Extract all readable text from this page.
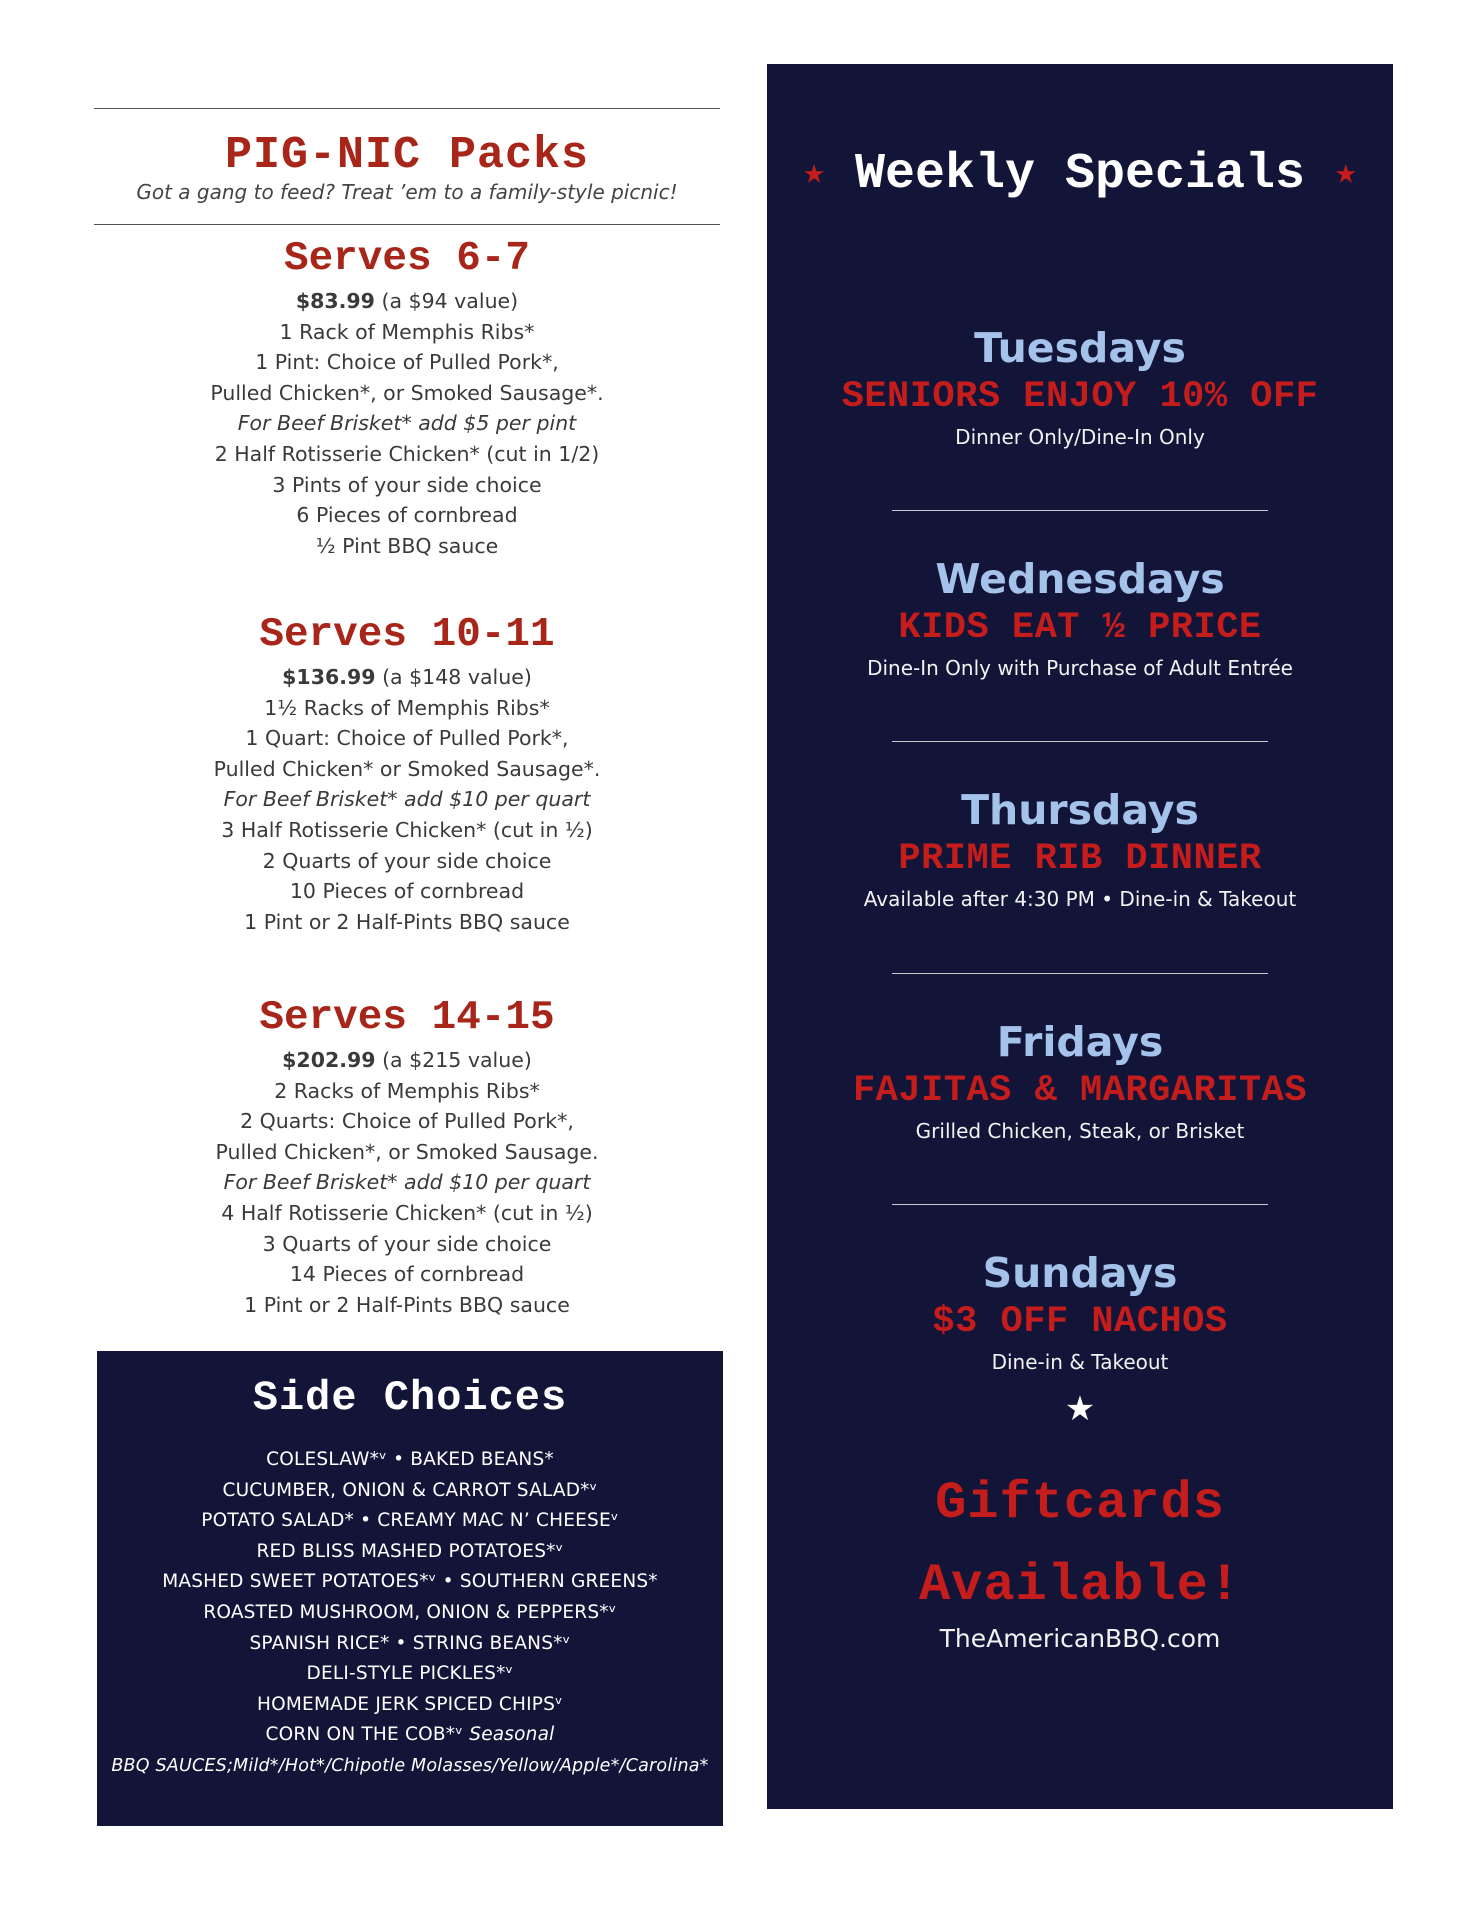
PIG-NIC Packs
Got a gang to feed? Treat ’em to a family-style picnic!
Serves 6-7
$83.99 (a $94 value)
1 Rack of Memphis Ribs*
1 Pint: Choice of Pulled Pork*,
Pulled Chicken*, or Smoked Sausage*.
For Beef Brisket* add $5 per pint
2 Half Rotisserie Chicken* (cut in 1/2)
3 Pints of your side choice
6 Pieces of cornbread
½ Pint BBQ sauce
Serves 10-11
$136.99 (a $148 value)
1½ Racks of Memphis Ribs*
1 Quart: Choice of Pulled Pork*,
Pulled Chicken* or Smoked Sausage*.
For Beef Brisket* add $10 per quart
3 Half Rotisserie Chicken* (cut in ½)
2 Quarts of your side choice
10 Pieces of cornbread
1 Pint or 2 Half-Pints BBQ sauce
Serves 14-15
$202.99 (a $215 value)
2 Racks of Memphis Ribs*
2 Quarts: Choice of Pulled Pork*,
Pulled Chicken*, or Smoked Sausage.
For Beef Brisket* add $10 per quart
4 Half Rotisserie Chicken* (cut in ½)
3 Quarts of your side choice
14 Pieces of cornbread
1 Pint or 2 Half-Pints BBQ sauce
Side Choices
COLESLAW*ᵛ • BAKED BEANS*
CUCUMBER, ONION & CARROT SALAD*ᵛ
POTATO SALAD* • CREAMY MAC N’ CHEESEᵛ
RED BLISS MASHED POTATOES*ᵛ
MASHED SWEET POTATOES*ᵛ • SOUTHERN GREENS*
ROASTED MUSHROOM, ONION & PEPPERS*ᵛ
SPANISH RICE* • STRING BEANS*ᵛ
DELI-STYLE PICKLES*ᵛ
HOMEMADE JERK SPICED CHIPSᵛ
CORN ON THE COB*ᵛ Seasonal
BBQ SAUCES;Mild*/Hot*/Chipotle Molasses/Yellow/Apple*/Carolina*
★ Weekly Specials ★
Tuesdays
SENIORS ENJOY 10% OFF
Dinner Only/Dine-In Only
Wednesdays
KIDS EAT ½ PRICE
Dine-In Only with Purchase of Adult Entrée
Thursdays
PRIME RIB DINNER
Available after 4:30 PM • Dine-in & Takeout
Fridays
FAJITAS & MARGARITAS
Grilled Chicken, Steak, or Brisket
Sundays
$3 OFF NACHOS
Dine-in & Takeout
★
Giftcards
Available!
TheAmericanBBQ.com
